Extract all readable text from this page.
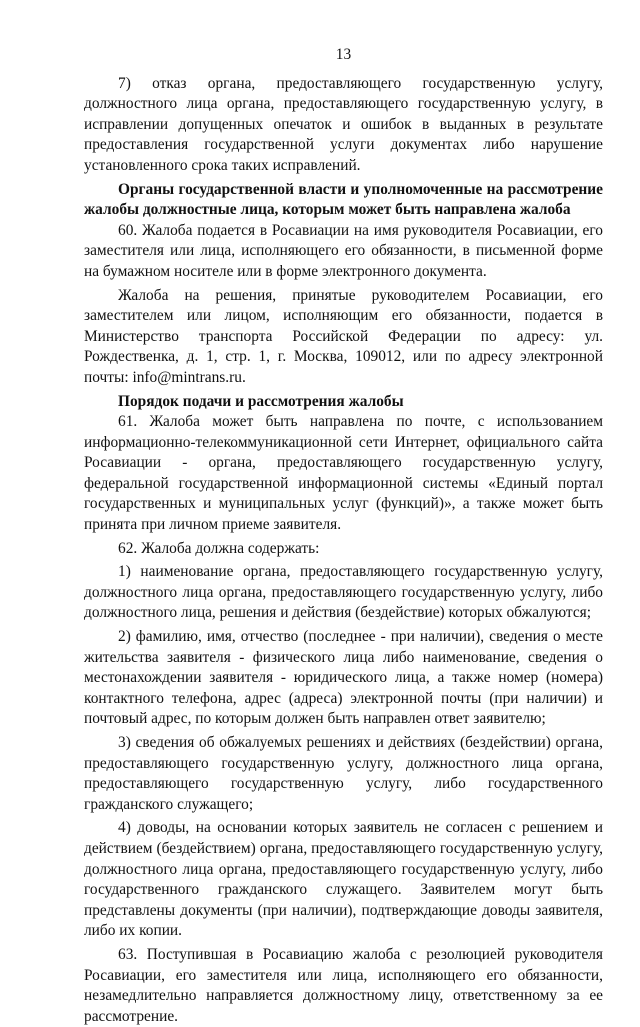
13

7) отказ органа, предоставляющего государственную услугу, должностного лица органа, предоставляющего государственную услугу, в исправлении допущенных опечаток и ошибок в выданных в результате предоставления государственной услуги документах либо нарушение установленного срока таких исправлений.

Органы государственной власти и уполномоченные на рассмотрение жалобы должностные лица, которым может быть направлена жалоба

60. Жалоба подается в Росавиации на имя руководителя Росавиации, его заместителя или лица, исполняющего его обязанности, в письменной форме на бумажном носителе или в форме электронного документа.

Жалоба на решения, принятые руководителем Росавиации, его заместителем или лицом, исполняющим его обязанности, подается в Министерство транспорта Российской Федерации по адресу: ул. Рождественка, д. 1, стр. 1, г. Москва, 109012, или по адресу электронной почты: info@mintrans.ru.

Порядок подачи и рассмотрения жалобы

61. Жалоба может быть направлена по почте, с использованием информационно-телекоммуникационной сети Интернет, официального сайта Росавиации - органа, предоставляющего государственную услугу, федеральной государственной информационной системы «Единый портал государственных и муниципальных услуг (функций)», а также может быть принята при личном приеме заявителя.

62. Жалоба должна содержать:

1) наименование органа, предоставляющего государственную услугу, должностного лица органа, предоставляющего государственную услугу, либо должностного лица, решения и действия (бездействие) которых обжалуются;

2) фамилию, имя, отчество (последнее - при наличии), сведения о месте жительства заявителя - физического лица либо наименование, сведения о местонахождении заявителя - юридического лица, а также номер (номера) контактного телефона, адрес (адреса) электронной почты (при наличии) и почтовый адрес, по которым должен быть направлен ответ заявителю;

3) сведения об обжалуемых решениях и действиях (бездействии) органа, предоставляющего государственную услугу, должностного лица органа, предоставляющего государственную услугу, либо государственного гражданского служащего;

4) доводы, на основании которых заявитель не согласен с решением и действием (бездействием) органа, предоставляющего государственную услугу, должностного лица органа, предоставляющего государственную услугу, либо государственного гражданского служащего. Заявителем могут быть представлены документы (при наличии), подтверждающие доводы заявителя, либо их копии.

63. Поступившая в Росавиацию жалоба с резолюцией руководителя Росавиации, его заместителя или лица, исполняющего его обязанности, незамедлительно направляется должностному лицу, ответственному за ее рассмотрение.
